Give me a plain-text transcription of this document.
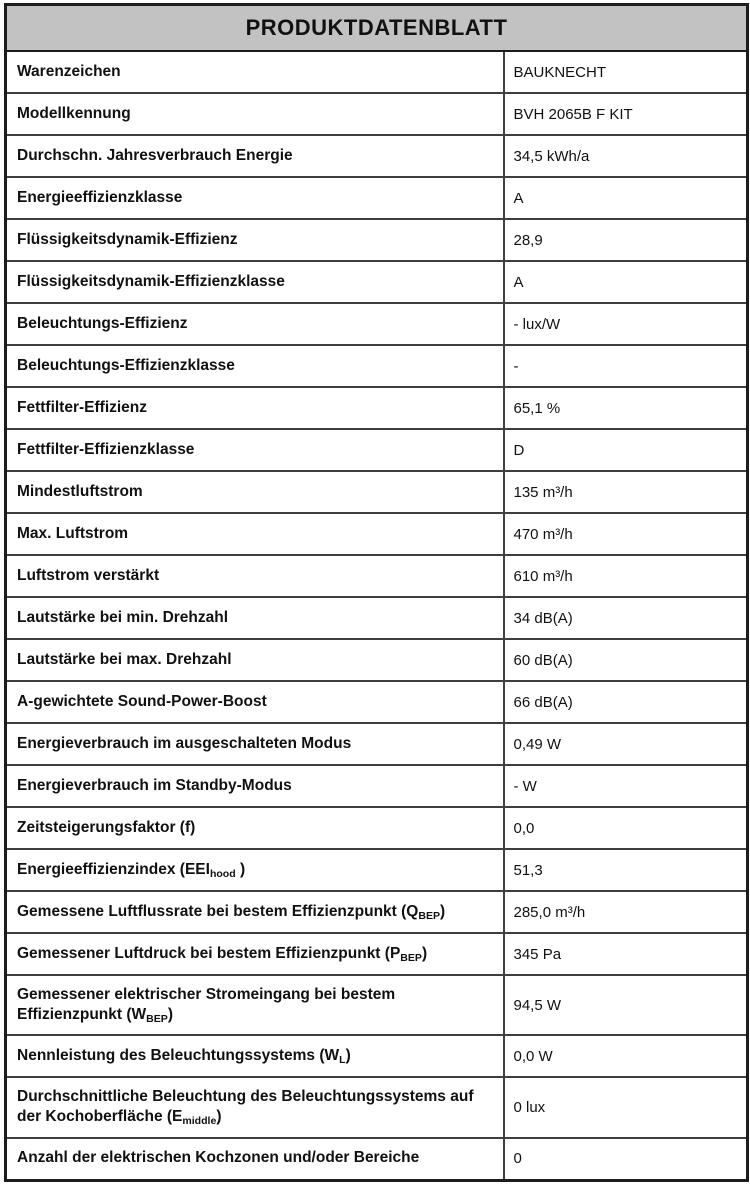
PRODUKTDATENBLATT	
Warenzeichen	BAUKNECHT
Modellkennung	BVH 2065B F KIT
Durchschn. Jahresverbrauch Energie	34,5 kWh/a
Energieeffizienzklasse	A
Flüssigkeitsdynamik-Effizienz	28,9
Flüssigkeitsdynamik-Effizienzklasse	A
Beleuchtungs-Effizienz	- lux/W
Beleuchtungs-Effizienzklasse	-
Fettfilter-Effizienz	65,1 %
Fettfilter-Effizienzklasse	D
Mindestluftstrom	135 m³/h
Max. Luftstrom	470 m³/h
Luftstrom verstärkt	610 m³/h
Lautstärke bei min. Drehzahl	34 dB(A)
Lautstärke bei max. Drehzahl	60 dB(A)
A-gewichtete Sound-Power-Boost	66 dB(A)
Energieverbrauch im ausgeschalteten Modus	0,49 W
Energieverbrauch im Standby-Modus	- W
Zeitsteigerungsfaktor (f)	0,0
Energieeffizienzindex ($EEI_{hood}$ )	51,3
Gemessene Luftflussrate bei bestem Effizienzpunkt $(Q_{BEP})$	285,0 m³/h
Gemessener Luftdruck bei bestem Effizienzpunkt $(P_{BEP})$	345 Pa
Gemessener elektrischer Stromeingang bei bestem Effizienzpunkt $(W_{BEP})$	94,5 W
Nennleistung des Beleuchtungssystems $(W_L)$	0,0 W
Durchschnittliche Beleuchtung des Beleuchtungssystems auf der Kochoberfläche $(E_{middle})$	0 lux
Anzahl der elektrischen Kochzonen und/oder Bereiche	0
